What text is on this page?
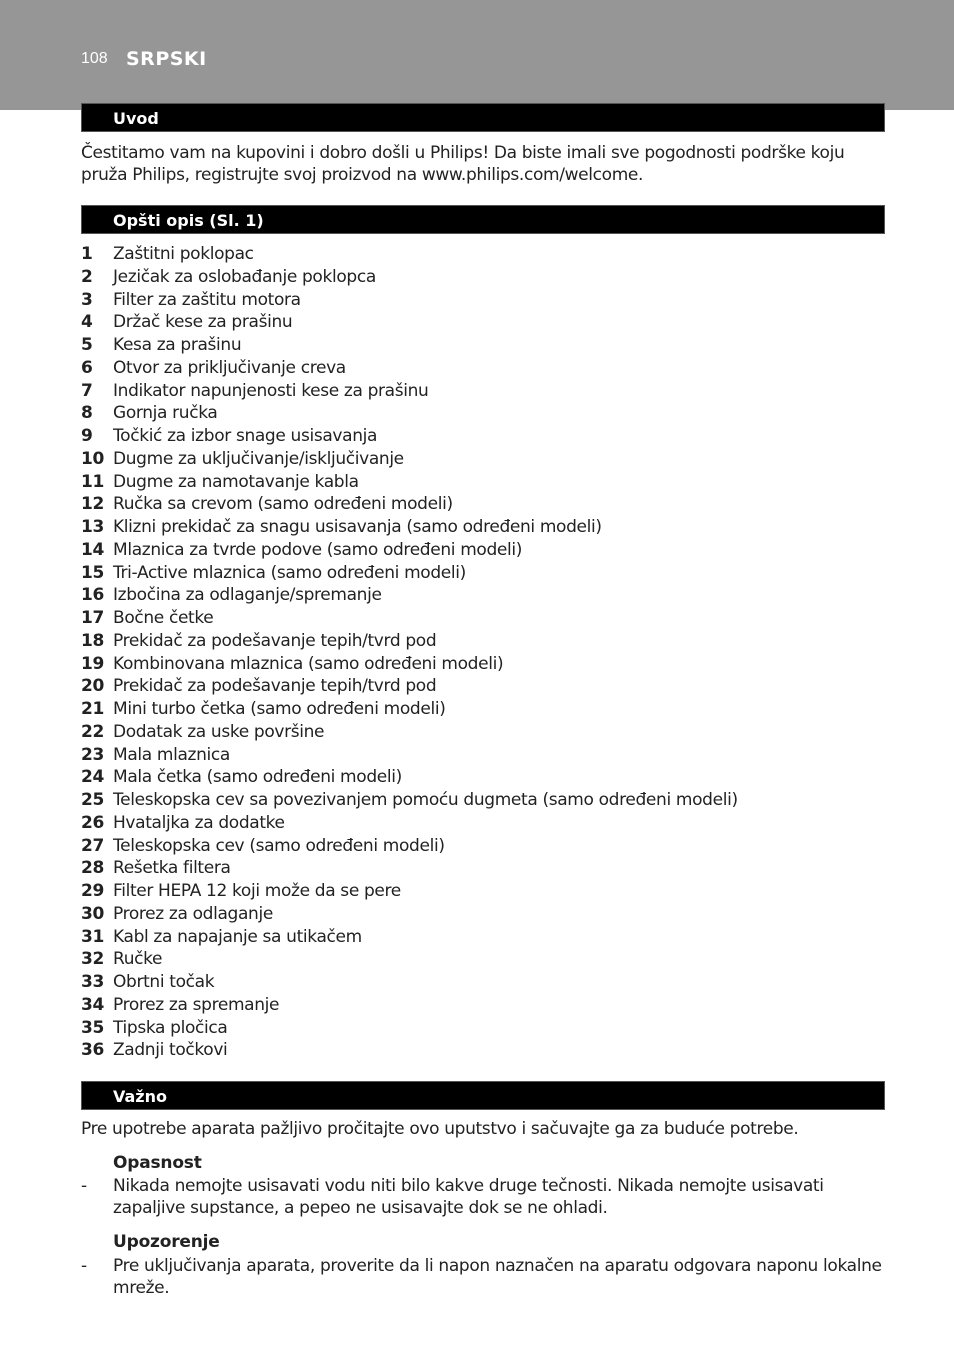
108 SRPSKI
Uvod
Čestitamo vam na kupovini i dobro došli u Philips! Da biste imali sve pogodnosti podrške koju pruža Philips, registrujte svoj proizvod na www.philips.com/welcome.
Opšti opis (Sl. 1)
1	Zaštitni poklopac
2	Jezičak za oslobađanje poklopca
3	Filter za zaštitu motora
4	Držač kese za prašinu
5	Kesa za prašinu
6	Otvor za priključivanje creva
7	Indikator napunjenosti kese za prašinu
8	Gornja ručka
9	Točkić za izbor snage usisavanja
10 Dugme za uključivanje/isključivanje
11 Dugme za namotavanje kabla
12 Ručka sa crevom (samo određeni modeli)
13 Klizni prekidač za snagu usisavanja (samo određeni modeli)
14 Mlaznica za tvrde podove (samo određeni modeli)
15 Tri-Active mlaznica (samo određeni modeli)
16 Izbočina za odlaganje/spremanje
17 Bočne četke
18 Prekidač za podešavanje tepih/tvrd pod
19 Kombinovana mlaznica (samo određeni modeli)
20 Prekidač za podešavanje tepih/tvrd pod
21 Mini turbo četka (samo određeni modeli)
22 Dodatak za uske površine
23 Mala mlaznica
24 Mala četka (samo određeni modeli)
25 Teleskopska cev sa povezivanjem pomoću dugmeta (samo određeni modeli)
26 Hvataljka za dodatke
27 Teleskopska cev (samo određeni modeli)
28 Rešetka filtera
29 Filter HEPA 12 koji može da se pere
30 Prorez za odlaganje
31 Kabl za napajanje sa utikačem
32 Ručke
33 Obrtni točak
34 Prorez za spremanje
35 Tipska pločica
36 Zadnji točkovi
Važno
Pre upotrebe aparata pažljivo pročitajte ovo uputstvo i sačuvajte ga za buduće potrebe.
Opasnost
-	Nikada nemojte usisavati vodu niti bilo kakve druge tečnosti. Nikada nemojte usisavati zapaljive supstance, a pepeo ne usisavajte dok se ne ohladi.
Upozorenje
-	Pre uključivanja aparata, proverite da li napon naznačen na aparatu odgovara naponu lokalne mreže.
